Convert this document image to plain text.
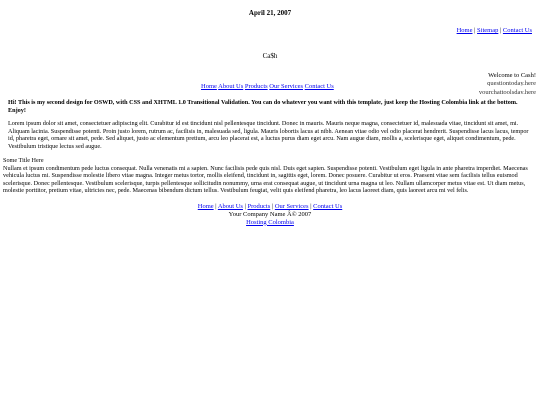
April 21, 2007
Home | Sitemap | Contact Us
Ca$h
Welcome to Cash!
questiontoday.here
yourchattoolsday.here
Home About Us Products Our Services Contact Us

Hi! This is my second design for OSWD, with CSS and XHTML 1.0 Transitional Validation. You can do whatever you want with this template, just keep the Hosting Colombia link at the bottom. Enjoy!

Lorem ipsum dolor sit amet, consectetuer adipiscing elit. Curabitur id est tincidunt nisl pellentesque tincidunt. Donec in mauris. Mauris neque magna, consectetuer id, malesuada vitae, tincidunt sit amet, mi. Aliquam lacinia. Suspendisse potenti. Proin justo lorem, rutrum ac, facilisis in, malesuada sed, ligula. Mauris lobortis lacus at nibh. Aenean vitae odio vel odio placerat hendrerit. Suspendisse lacus lacus, tempor id, pharetra eget, ornare sit amet, pede. Sed aliquet, justo ac elementum pretium, arcu leo placerat est, a luctus purus diam eget arcu. Nam augue diam, mollis a, scelerisque eget, aliquet condimentum, pede. Vestibulum tristique lectus sed augue.

Some Title Here

Nullam et ipsum condimentum pede luctus consequat. Nulla venenatis mi a sapien. Nunc facilisis pede quis nisl. Duis eget sapien. Suspendisse potenti. Vestibulum eget ligula in ante pharetra imperdiet. Maecenas vehicula luctus mi. Suspendisse molestie libero vitae magna. Integer metus tortor, mollis eleifend, tincidunt in, sagittis eget, lorem. Donec posuere. Curabitur ut eros. Praesent vitae sem facilisis tellus euismod scelerisque. Donec pellentesque. Vestibulum scelerisque, turpis pellentesque sollicitudin nonummy, urna erat consequat augue, ut tincidunt urna magna ut leo. Nullam ullamcorper metus vitae est. Ut diam metus, molestie porttitor, pretium vitae, ultricies nec, pede. Maecenas bibendum dictum tellus. Vestibulum feugiat, velit quis eleifend pharetra, leo lacus laoreet diam, quis laoreet arcu mi vel felis.

Home | About Us | Products | Our Services | Contact Us
Your Company Name Â© 2007
Hosting Colombia
